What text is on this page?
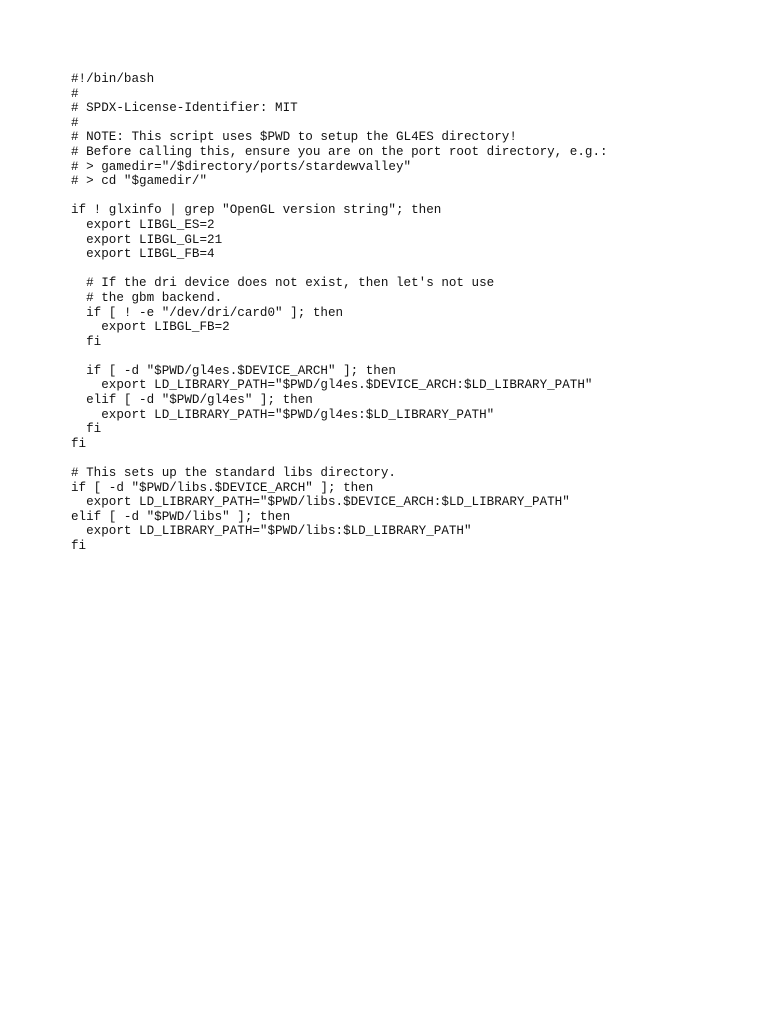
#!/bin/bash
#
# SPDX-License-Identifier: MIT
#
# NOTE: This script uses $PWD to setup the GL4ES directory!
# Before calling this, ensure you are on the port root directory, e.g.:
# > gamedir="/$directory/ports/stardewvalley"
# > cd "$gamedir/"
if ! glxinfo | grep "OpenGL version string"; then
export LIBGL_ES=2
export LIBGL_GL=21
export LIBGL_FB=4
# If the dri device does not exist, then let's not use
# the gbm backend.
if [ ! -e "/dev/dri/card0" ]; then
export LIBGL_FB=2
fi
if [ -d "$PWD/gl4es.$DEVICE_ARCH" ]; then
export LD_LIBRARY_PATH="$PWD/gl4es.$DEVICE_ARCH:$LD_LIBRARY_PATH"
elif [ -d "$PWD/gl4es" ]; then
export LD_LIBRARY_PATH="$PWD/gl4es:$LD_LIBRARY_PATH"
fi
fi
# This sets up the standard libs directory.
if [ -d "$PWD/libs.$DEVICE_ARCH" ]; then
export LD_LIBRARY_PATH="$PWD/libs.$DEVICE_ARCH:$LD_LIBRARY_PATH"
elif [ -d "$PWD/libs" ]; then
export LD_LIBRARY_PATH="$PWD/libs:$LD_LIBRARY_PATH"
fi
